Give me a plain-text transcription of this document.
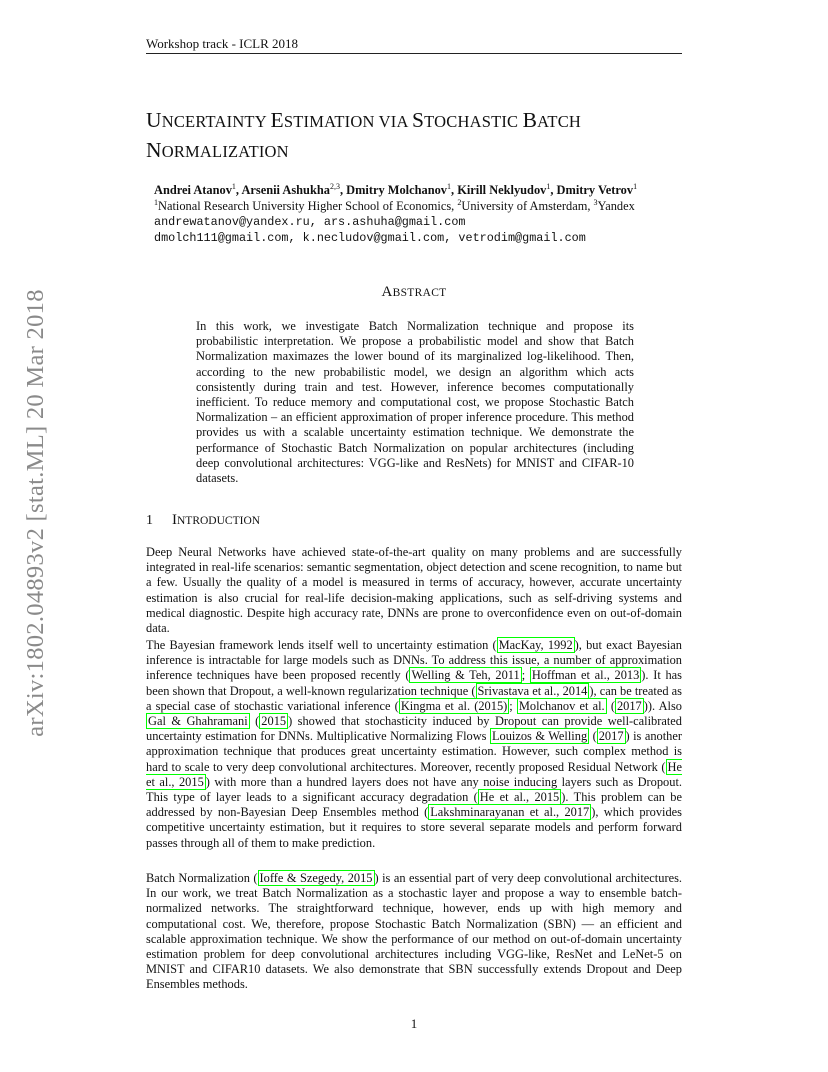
Workshop track - ICLR 2018
UNCERTAINTY ESTIMATION VIA STOCHASTIC BATCH
NORMALIZATION
Andrei Atanov$^1$, Arsenii Ashukha$^{2,3}$, Dmitry Molchanov$^1$, Kirill Neklyudov$^1$, Dmitry Vetrov$^1$
$^1$National Research University Higher School of Economics, $^2$University of Amsterdam, $^3$Yandex
andrewatanov@yandex.ru, ars.ashuha@gmail.com
dmolch111@gmail.com, k.necludov@gmail.com, vetrodim@gmail.com
ABSTRACT
In this work, we investigate Batch Normalization technique and propose its probabilistic interpretation. We propose a probabilistic model and show that Batch Normalization maximazes the lower bound of its marginalized log-likelihood. Then, according to the new probabilistic model, we design an algorithm which acts consistently during train and test. However, inference becomes computationally inefficient. To reduce memory and computational cost, we propose Stochastic Batch Normalization – an efficient approximation of proper inference procedure. This method provides us with a scalable uncertainty estimation technique. We demonstrate the performance of Stochastic Batch Normalization on popular architectures (including deep convolutional architectures: VGG-like and ResNets) for MNIST and CIFAR-10 datasets.
1 INTRODUCTION
Deep Neural Networks have achieved state-of-the-art quality on many problems and are successfully integrated in real-life scenarios: semantic segmentation, object detection and scene recognition, to name but a few. Usually the quality of a model is measured in terms of accuracy, however, accurate uncertainty estimation is also crucial for real-life decision-making applications, such as self-driving systems and medical diagnostic. Despite high accuracy rate, DNNs are prone to overconfidence even on out-of-domain data.
The Bayesian framework lends itself well to uncertainty estimation ( MacKay, 1992 ), but exact Bayesian inference is intractable for large models such as DNNs. To address this issue, a number of approximation inference techniques have been proposed recently ( Welling & Teh, 2011 ; Hoffman et al., 2013 ). It has been shown that Dropout, a well-known regularization technique ( Srivastava et al., 2014 ), can be treated as a special case of stochastic variational inference ( Kingma et al. (2015) ; Molchanov et al. ( 2017 )). Also Gal & Ghahramani ( 2015 ) showed that stochasticity induced by Dropout can provide well-calibrated uncertainty estimation for DNNs. Multiplicative Normalizing Flows Louizos & Welling ( 2017 ) is another approximation technique that produces great uncertainty estimation. However, such complex method is hard to scale to very deep convolutional architectures. Moreover, recently proposed Residual Network ( He et al., 2015 ) with more than a hundred layers does not have any noise inducing layers such as Dropout. This type of layer leads to a significant accuracy degradation ( He et al., 2015 ). This problem can be addressed by non-Bayesian Deep Ensembles method ( Lakshminarayanan et al., 2017 ), which provides competitive uncertainty estimation, but it requires to store several separate models and perform forward passes through all of them to make prediction.
Batch Normalization ( Ioffe & Szegedy, 2015 ) is an essential part of very deep convolutional architectures. In our work, we treat Batch Normalization as a stochastic layer and propose a way to ensemble batch-normalized networks. The straightforward technique, however, ends up with high memory and computational cost. We, therefore, propose Stochastic Batch Normalization (SBN) — an efficient and scalable approximation technique. We show the performance of our method on out-of-domain uncertainty estimation problem for deep convolutional architectures including VGG-like, ResNet and LeNet-5 on MNIST and CIFAR10 datasets. We also demonstrate that SBN successfully extends Dropout and Deep Ensembles methods.
1
arXiv:1802.04893v2 [stat.ML] 20 Mar 2018
